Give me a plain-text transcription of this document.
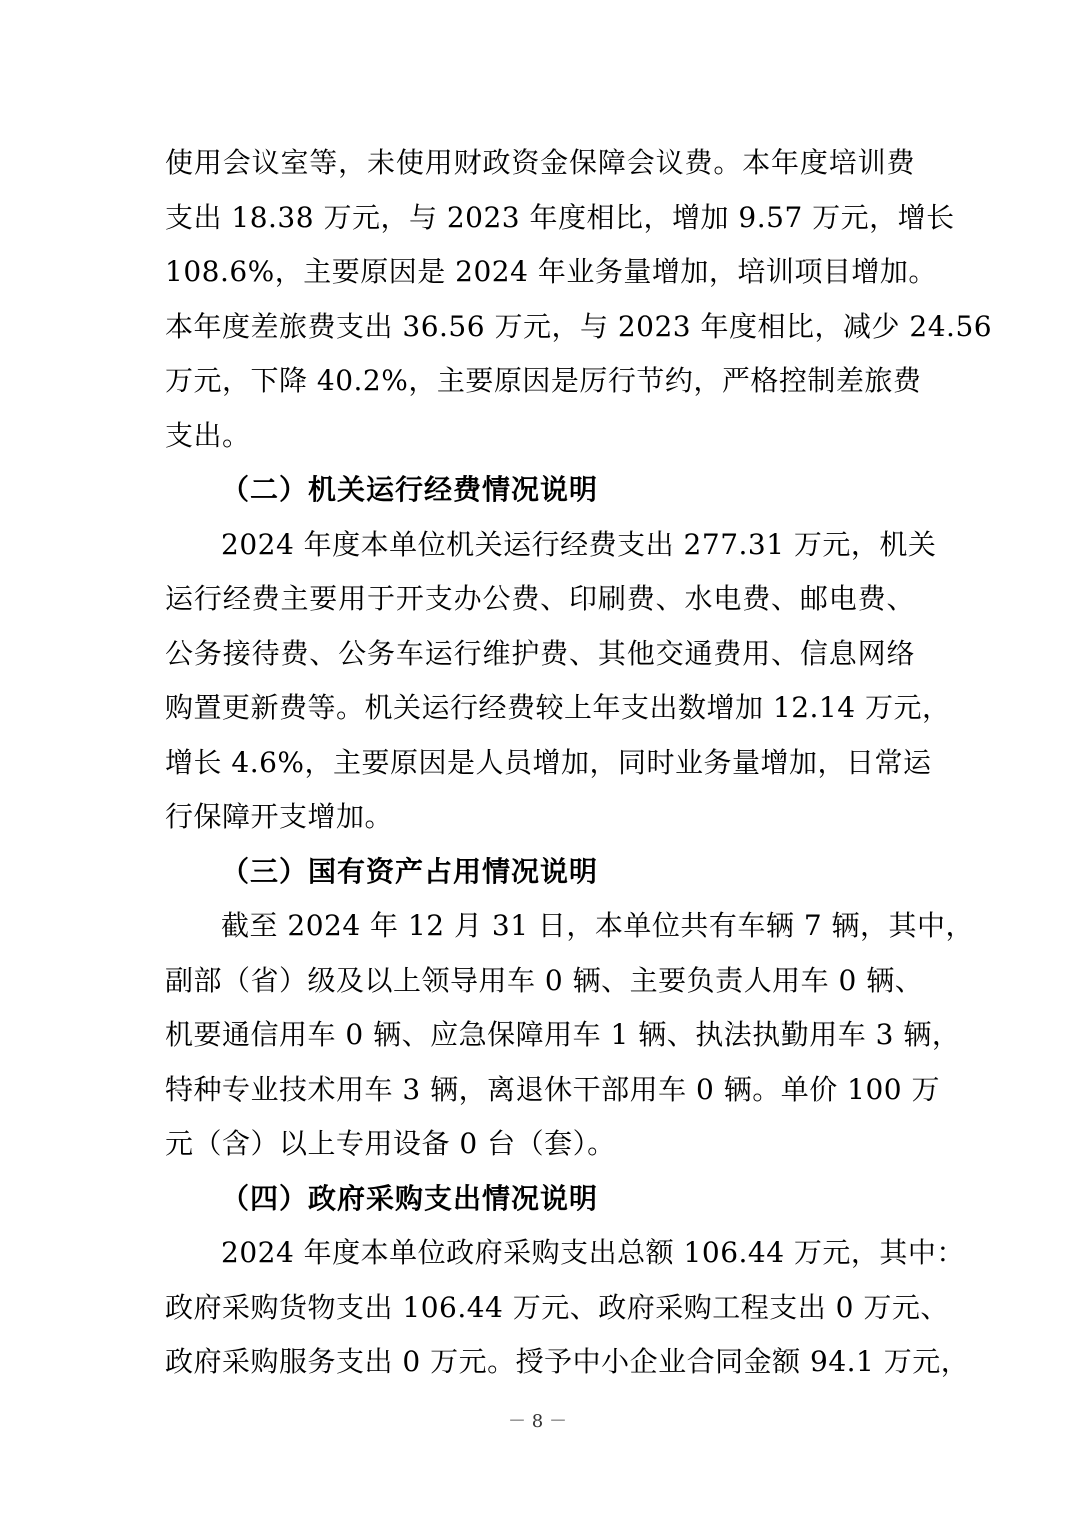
使用会议室等，未使用财政资金保障会议费。本年度培训费
支出 18.38 万元，与 2023 年度相比，增加 9.57 万元，增长
108.6%，主要原因是 2024 年业务量增加，培训项目增加。
本年度差旅费支出 36.56 万元，与 2023 年度相比，减少 24.56
万元，下降 40.2%，主要原因是厉行节约，严格控制差旅费
支出。
（二）机关运行经费情况说明
2024 年度本单位机关运行经费支出 277.31 万元，机关
运行经费主要用于开支办公费、印刷费、水电费、邮电费、
公务接待费、公务车运行维护费、其他交通费用、信息网络
购置更新费等。机关运行经费较上年支出数增加 12.14 万元，
增长 4.6%，主要原因是人员增加，同时业务量增加，日常运
行保障开支增加。
（三）国有资产占用情况说明
截至 2024 年 12 月 31 日，本单位共有车辆 7 辆，其中，
副部（省）级及以上领导用车 0 辆、主要负责人用车 0 辆、
机要通信用车 0 辆、应急保障用车 1 辆、执法执勤用车 3 辆，
特种专业技术用车 3 辆，离退休干部用车 0 辆。单价 100 万
元（含）以上专用设备 0 台（套）。
（四）政府采购支出情况说明
2024 年度本单位政府采购支出总额 106.44 万元，其中：
政府采购货物支出 106.44 万元、政府采购工程支出 0 万元、
政府采购服务支出 0 万元。授予中小企业合同金额 94.1 万元，
－ 8 －
